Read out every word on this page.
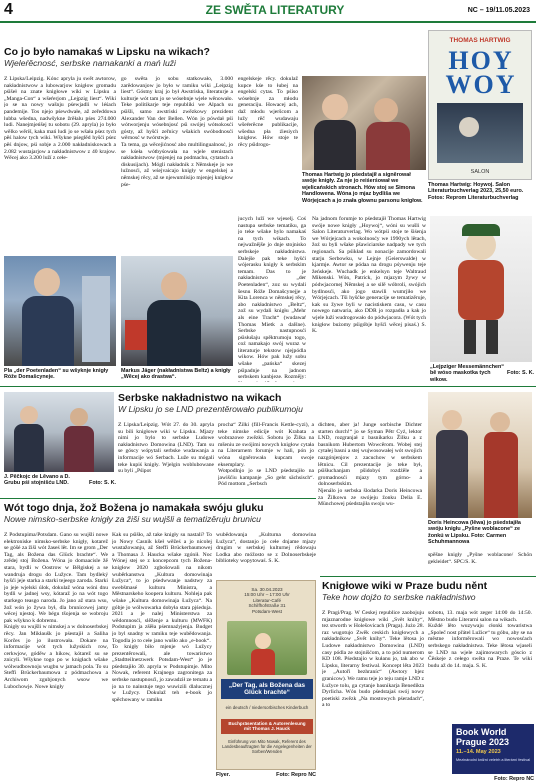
4	ZE SWĚTA LITERATURY	NC – 19/11.05.2023
Co jo było namakaś w Lipsku na wikach?
Wjeleŕěcnosć, serbske namakanki a mań luži

Z Lipska/Leipzig. Kónc apryla ju swět awtorow, nakładnistwow a lubowarjow knigłow gromadu pśišeł na znate knigłowe wiki w Lipsku a „Manga-Con“ a wšeŕerjom „Lejpzig liest“. Wiki jo se na nowy wašnju pśewjadli w léśach pandemije. Tos njejo pśewdwałe, až zeředdowa lubba wšedna, nadwšykne žrěłalu pśes 274.000 ludi. Nanejmjeńšej tu sobotu (29. apryla) jo było wělko wěriš, kaka mań ludi jo se wšała pśez tych pěś halow tych wiki. Wšykne pśeglěd hyšći pśez pěś dnjow, pśi sobje a 2.000 nakładniskowach a 2.082 wustajarjow a nakładnistwow z 40 krajow. Wěcej ako 3.200 luží z cełe-

go swěta jo sobu statkowało, 3.000 zarědowanjow jo było w ramiku wiki „Leipzig liest“. Góstny kraj jo był Awstriska, literaturje a kulturje wót tam jo se wósebnje wjele wěnowało. Teke politikarje teje republiki we Alpach su pśišli, samo awstriski zwězkowy prezident Alexander Van der Bellen. Wón jo pówdał pśi wótworjenju wósebnjosć pśi swójej wótsokosći gósty, až hyšći zeřnicy wšakich swóbodnosći wěrnosć w twórstwje.
Ta tema, ga wěcejićnosć abo multilingualnosć, jo se kśeła wótbyśowała na wjele stenistach nakładnistwow (mjenjej na podmachu, cytatach a diskusijach). Mógli nakładnik z Němskeje jo we lužnosći, až wśejvaicajo knigły w engelskej a němskej rěcy, až se njewumlisijo mjenjej knigłow pśe-

engelskeje rěcy. dokulaž kupce kśe to łubej na engelski cytas. To pśiso wósebnje za młodu generaciju. Howacej ach, daž młodu wjeršcom a lužy rěč wudawaju wšeŕerěcne publikacije, wšedna pła źiesiych knigłow. Hów stoje te rěcy pśidrogo-

Thomas Hartwig jo pśedstajił a signěrował swóje knigły. Za nje jo reiśerśował we wjelicańskich stronach. Hów stoj se Simona Handlowena. Wóna jo mjaz bydliša we Wórjejcach a jo znała głownu parsonu knigłow.
THOMAS HARTWIG
HOY WOY
SALON
Thomas Hartwig: Hoywoj. Salon Literaturbuchverlag 2023, 25,50 euro. Fotos: Reprom Literaturbuchverlag
Pla „der Poetenladen“ su wšyknje knigły Róže Domašcyneje.
Markus Jäger (nakładnistwa Beltz) a knigły „Wěcej ako drastwa“.

jucych luží we wjeselj. Coś nastupa serbske tematiku, ga jo teke wšake bylo namakaś na tych wikach. To nejwažnějše jo dnje stojnisko serbskeje nakładnistwa. Dalejše pak teke hyšći wójerasku knigły k serbskim temam. Das to je nakładnistwo „der Poetenladen“, zoz su wydali šesnu Róže Domašcynejje a Kita Lorenca w němskej rěcy, abo nakładnistwo „Beltz“, zož su wydali knigłu „Mehr als eine Tracht“ (wudawaŕ Thomas Mietk a dalšne). Serbske nastupnosći pśisłušaju spěktrumoju togo, coź namakajo swój wuraz w literaturje tekstow njejpódla wikow. Hów pak lužy sobu wšake „pańska“ skezej pśipadnje na jadnom serbskem kanbjeze. Rozmějy:

Na jadnom forumje to pśedstajił Thomas Hartwig swóje nowe knigły „Hoywoj“, wóni su wušli w Salon Literaturverlag. Wo wótpśi stoje te šiśenja we Wórjejcach a wokolnosćy we 1990ych lětach, žoź su byli wšake pšawiciarske nadpady we tych regionach. Sa pśikład su nonacije zamordowali starju Serbowku, w Lejnje (Geierswalde) w kjarmje. Awtor se pódaa na drogu pśywenju teje žeńskeje. Wuchadk je enkelsyn teje Waltraud Mikenski. Wón, Patrick, jo mjazym žywy w pódwjacornej Němskej a se silě wóbroli, swójich bydlnosći, ako jogo stawili wumrjiło we Wórjejcach. Tši hyšćke generacije se tematizěruje, kak su žywe byli w nacistiskem casu, w casu nowego natwaria, ako DDR jo rozpadła a kak jo wjele luží wudrogowało do pódwjacora. (Wót tych knigłow bużomy pśigóbje hyšći wěcej pisaś.) S. K.

„Lejpziger Messemännchen“ bě wóso maskotka tych wikow.
Foto: S. K.
Serbske nakładnistwo na wikach
W Lipsku jo se LND prezentěrowało publikumoju
J. Pěčkojc de Lěvano a D. Grubu pśi stojnišću LND.	Foto: S. K.

Z Lipska/Leipzig. Wót 27. do 30. apryla su bili knigłowe wiki w Lipsku. Mjazy nimi jo bylo to serbske Ludowe nakładnistwo Domowina (LND). Tam su se góscy wópytali serbske wudawanja a informacije wó Serbach. Luže su mógali teke kupiś knigły. Wjelgin woblubowane su byli „Pśipot

procha“ Žilki (fill-Francis Kettle-cyzi), a teke nimske edicije wót Krabata a wobrazowe zwězki. Sobotu jo Žilka na mšeniu ze swójimi nowych knigłow cytała na Literarnem forumje w hali, pón jo wóna signěrowała kupcam swoje eksemplary.
Wotpodlnjo jo se LND pśedstajiło na jawišćiu kampanje „So geht sächsisch“. Pód mottom „Serbsch

dichten, aber ja! Junge sorbische Dichter starten durch!“ jo se Syman Pětr Cyż, lektor LND, rozgranjał z basnikarku Žilku a z basnikom Hubertom Wowcěrom. Wobej stej cytałej basni a stej wujwosowałej wót swojich nazgónjenjow z zacuchow w serbskem lětnicu. Cil prezentacije jo teke był, pśišłuchanjam pšidobyś rozdźěle a gromadnosći mjazy tym górno- a dolnoserbskim.
Njenálo jo serbska šlodarka Doris Heincowa za Žilkowu ze swójeju žonku Delia E. Münchowej pśedstajiła swoju wu-

Doris Heincowa (lěwa) jo pśedstajiła swóju knigłu „Pyšne woblacone“ ze žonkú w Lipsku. Foto: Carmen Schuhmannowa

spěšne knigły „Pyšne woblacone/ Schön gekleidet“. SPC/S. K.

Wót togo dnja, žož Božena jo namakała swóju gluku
Nowe nimsko-serbske knigły za žiši su wujšli a tematizěruju brunicu

Z Podstupima/Potsdam. Gano su wujšli nowe elektroniske nimsko-serbske knigły, kotarež se góšé za žiši wót žaseś lět. Im se grom „Der Tag, als Božena das Glück brachte“. We zrědej stoj Božena. Wóna jo domaacisle žě stara, bydli w Oostrow w Bělgiskej a se wandruja drogu do Lužyce. Tam bydleký hyšći jeje starka a starki tejeego zaroda. Starki jo jeje wjelski úlok, dokulaž wóna wóni dnu bydli w jadnej wsy, kótaraž jo na wót togo starkego teasgo naroda. Jo jano až stara wsu, žož wón jo žywa był, dla brunicowej jamy wěcej njestoj. We bégu tšojenja se wobroju pak wšykno k dobremu.
Knigły su wujšli w nimskej a w dolnoserbskej rěcy. Jan Mikłaušk jo pśestajił a Saliha Korčes jo jo ilustrowała. Dokare na informacije wót tych lužyskich row, cerkwjow, góděw a hikow, kótarež su se znicyli. Wšykne togo po w knigłach wšake wólwudbownoju wugbu w jamach pola. To su Steffi Brückerbaumowa z pódmachowa a Archiwom zgubjonych wsow we Lubochowje. Nowe knigły

Kak su pśišło, až take knigły su nastali? To jo Nowy Casnik kšeł wěžeś a jo nicolej wustažowanju, až Steffi Brückerbaumowej a Thomasa J. Haucka wšake zgónił. Noc Wónej stej se z koncepcom tych Božena-knigłow 2020 zgbošowali na nikom wuběrkanstwa „Kultura domowinaja Łužyca“, to jo pśedwwanje nadstwy za swebšmasé kulturu Ministra, a Městnarskeho koopera kulturu. Nohleja pak wšake „Kultura domowinaja Łužyca“. Na góbje jo wólwowarka dobyła stara pjśeduja. 2021 a je nalej Ministerstwa za wědomnosći, slěženje a kulturu (MWFK) Podstupim ja zšěła pśemnaźyjenja. Budget jo byl snadny w ramiku teje wubědowanja. Togodla jo to cełe jano wušło ako „e-book“.
To knigły biło mjenje wó Lužycy prezentěrowali, ale towaristwo „Stadtteilnetzwerk Potsdam-West“ jo je pśedstajiło 30. apryla w Podstupimje. Mito Nowak, referent Krajnego zagronitega za serbske nastupnosći, jo zawadził ze tematu a jo na to nainstuje tego wuwizili dlalucznej w Lužycy. Dokulaž teh e-book jo spěchowany w ramiku

wubědowanja „Kulturna domowina Łužyca“, dostanjo jo cełe dnjame mjazy drugim w serbskej kulturnej rědowaju Lodka abo móžosto se z Dolnoserbskeje biblioteky wopytowaś. S. K.

Sa. 30.04.2023
15:00 Uhr – 17:00 Uhr
Literatur-Café
Schilfhofstraße 31
Potsdam-West
„Der Tag, als Božena das Glück brachte“
ein deutsch / niedersorbisches Kinderbuch
Buchpräsentation & Autorenlesung
mit Thomas J. Hauck
Einführung von Mito Nowak, Referent des Landesbeauftragten für die Angelegenheiten der Sorben/Wenden
Flyer.	Foto: Repro NC
Knigłowe wiki w Praze budu něnt
Teke how dojźo to serbske nakładnistwo

Z Pragi/Prag. W Českej republice zaobojuju mjaznarodne knigłowe wiki „Svět knihy“, tez stworth w Holešovicach (Praga). Jużo 28. raz wugotujo Zwěk ceskich knigłowych a nakładnikow „Svět knihy“. Teke lětosa jo Ludowe nakładnistwo Domowina (LND) casy pódla ze stojnišćom, a to pód numerom KD 108. Pśedstajio w kułanu jo, tak abo w Lipsku, literarny festiwal. Koncept lěta 2023 je „Autoři bezhraníc“ (Awtory bjez granicow). We ramu teje jo teju ramje LND z Łužyce tolu, ga cytanje basnikarja Benedikta Dyrlicha. Wón budo pśedstajaś swój nowy poetiski zwězk „Na mostowych pśeradach“, a to

sobotu, 13. maja wót zeger 14:00 do 14:50. Městno budo Literarni salon na wikach.
Kuždé lěto wuzywaju cłonki towaristwa „Společ nost přátel Lužice“ tu góbu, aby se na městne informěrowali wo nowosćach serbskego nakładnistwa. Teke lětosa wjaseli se LND na wjele zajimowarych góscio z Čěskeje z cełego swěta na Praze. Te wiki budu až do 14. maja. S. K.

Book World
Prague 2023
11.–14. May 2023
Mezinárodní knižní veletrh a literární festival
Foto: Repro NC
